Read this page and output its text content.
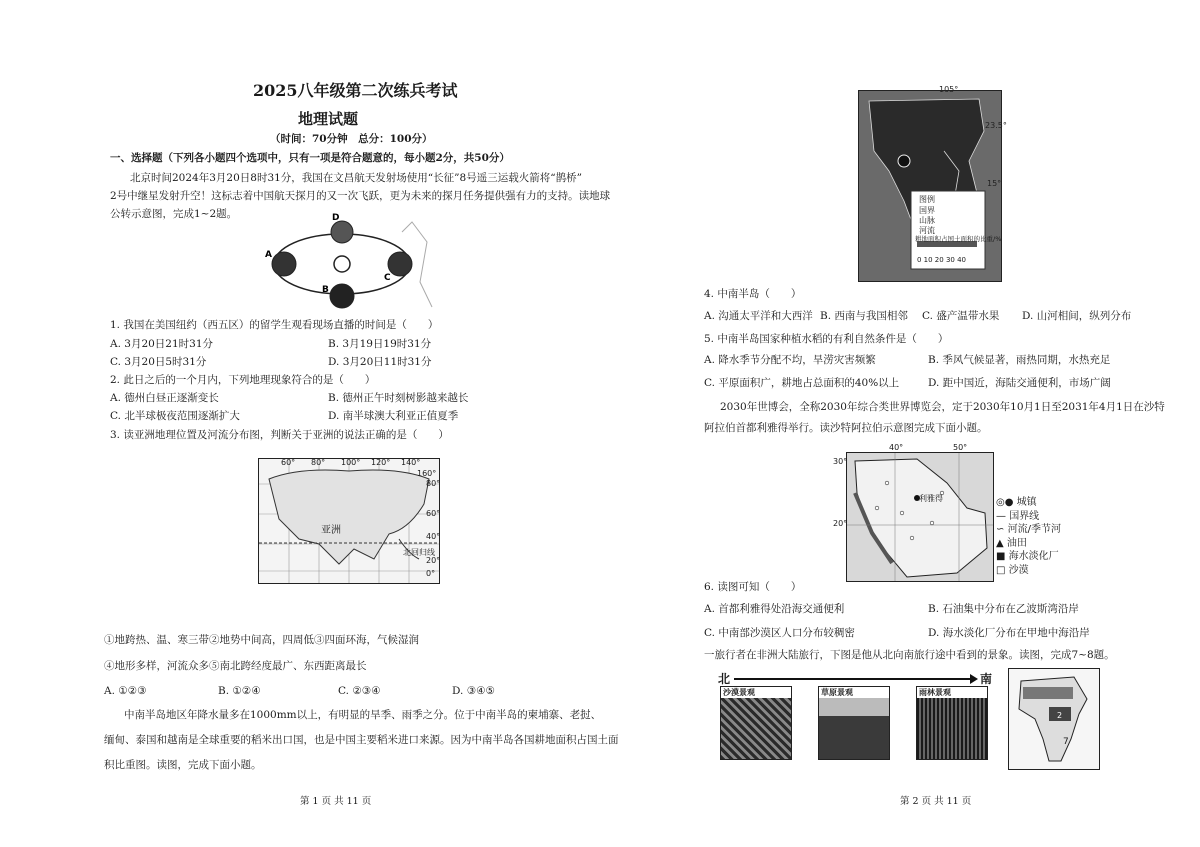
2025八年级第二次练兵考试
地理试题
（时间：70分钟　总分：100分）
一、选择题（下列各小题四个选项中，只有一项是符合题意的，每小题2分，共50分）
北京时间2024年3月20日8时31分，我国在文昌航天发射场使用“长征”8号遥三运载火箭将“鹊桥”
2号中继星发射升空！这标志着中国航天探月的又一次飞跃，更为未来的探月任务提供强有力的支持。读地球
公转示意图，完成1~2题。	D
A
C
B
1. 我国在美国纽约（西五区）的留学生观看现场直播的时间是（　　）
A. 3月20日21时31分	B. 3月19日19时31分
C. 3月20日5时31分	D. 3月20日11时31分
2. 此日之后的一个月内，下列地理现象符合的是（　　）
A. 德州白昼正逐渐变长	B. 德州正午时刻树影越来越长
C. 北半球极夜范围逐渐扩大	D. 南半球澳大利亚正值夏季
3. 读亚洲地理位置及河流分布图，判断关于亚洲的说法正确的是（　　）
亚洲
60° 80° 100° 120° 140°
160°
80°
60°
40°
20°
0°
北回归线
①地跨热、温、寒三带②地势中间高，四周低③四面环海，气候湿润
④地形多样，河流众多⑤南北跨经度最广、东西距离最长
A. ①②③	B. ①②④	C. ②③④	D. ③④⑤
中南半岛地区年降水量多在1000mm以上，有明显的旱季、雨季之分。位于中南半岛的柬埔寨、老挝、
缅甸、泰国和越南是全球重要的稻米出口国，也是中国主要稻米进口来源。因为中南半岛各国耕地面积占国土面
积比重图。读图，完成下面小题。
第 1 页 共 11 页
105°
23.5°
15°
图例
国界
山脉
河流
耕地面积占国土面积的比重/%
0 10 20 30 40
4. 中南半岛（　　）
A. 沟通太平洋和大西洋 B. 西南与我国相邻 C. 盛产温带水果 D. 山河相间，纵列分布
5. 中南半岛国家种植水稻的有利自然条件是（　　）
A. 降水季节分配不均，旱涝灾害频繁	B. 季风气候显著，雨热同期，水热充足
C. 平原面积广，耕地占总面积的40%以上	D. 距中国近，海陆交通便利，市场广阔
2030年世博会，全称2030年综合类世界博览会，定于2030年10月1日至2031年4月1日在沙特
阿拉伯首都利雅得举行。读沙特阿拉伯示意图完成下面小题。
40°	50°
30°
20°
利雅得	◎● 城镇
— 国界线
∽ 河流/季节河
▲ 油田
■ 海水淡化厂
□ 沙漠
6. 读图可知（　　）
A. 首都利雅得处沿海交通便利	B. 石油集中分布在乙波斯湾沿岸
C. 中南部沙漠区人口分布较稠密	D. 海水淡化厂分布在甲地中海沿岸
一旅行者在非洲大陆旅行，下图是他从北向南旅行途中看到的景象。读图，完成7~8题。
北	南
沙漠景观	草原景观	雨林景观
2
7
第 2 页 共 11 页
